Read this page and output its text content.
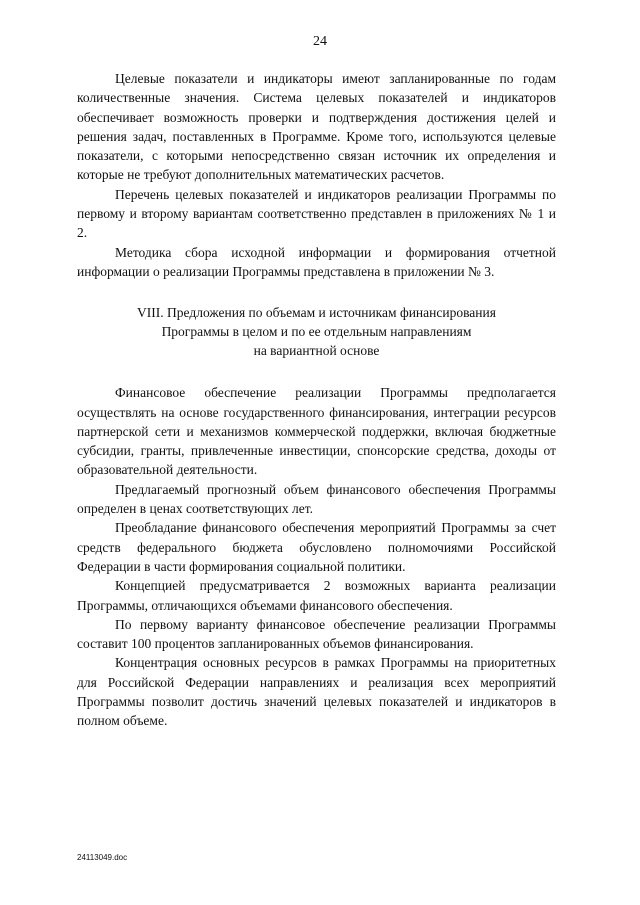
24

Целевые показатели и индикаторы имеют запланированные по годам количественные значения. Система целевых показателей и индикаторов обеспечивает возможность проверки и подтверждения достижения целей и решения задач, поставленных в Программе. Кроме того, используются целевые показатели, с которыми непосредственно связан источник их определения и которые не требуют дополнительных математических расчетов.

Перечень целевых показателей и индикаторов реализации Программы по первому и второму вариантам соответственно представлен в приложениях № 1 и 2.

Методика сбора исходной информации и формирования отчетной информации о реализации Программы представлена в приложении № 3.

VIII. Предложения по объемам и источникам финансирования
Программы в целом и по ее отдельным направлениям
на вариантной основе

Финансовое обеспечение реализации Программы предполагается осуществлять на основе государственного финансирования, интеграции ресурсов партнерской сети и механизмов коммерческой поддержки, включая бюджетные субсидии, гранты, привлеченные инвестиции, спонсорские средства, доходы от образовательной деятельности.

Предлагаемый прогнозный объем финансового обеспечения Программы определен в ценах соответствующих лет.

Преобладание финансового обеспечения мероприятий Программы за счет средств федерального бюджета обусловлено полномочиями Российской Федерации в части формирования социальной политики.

Концепцией предусматривается 2 возможных варианта реализации Программы, отличающихся объемами финансового обеспечения.

По первому варианту финансовое обеспечение реализации Программы составит 100 процентов запланированных объемов финансирования.

Концентрация основных ресурсов в рамках Программы на приоритетных для Российской Федерации направлениях и реализация всех мероприятий Программы позволит достичь значений целевых показателей и индикаторов в полном объеме.

24113049.doc
